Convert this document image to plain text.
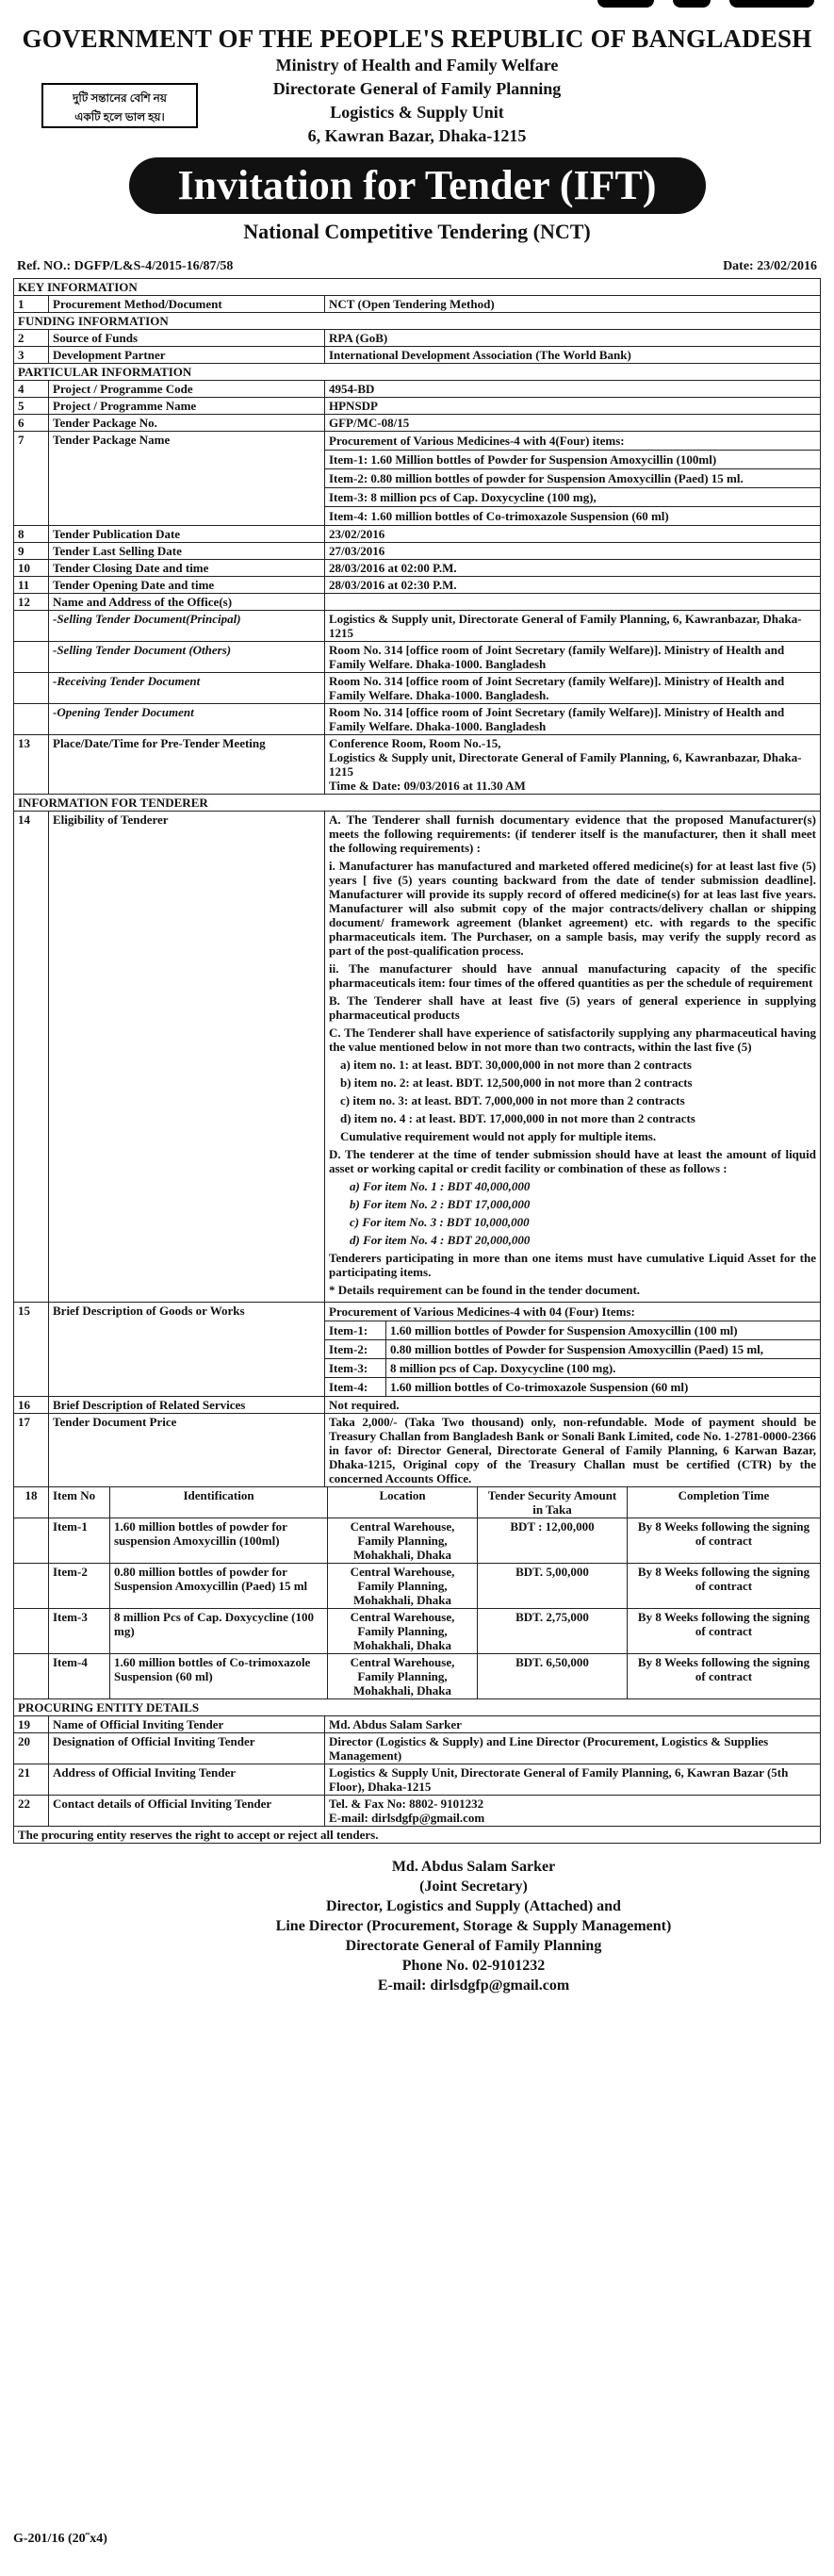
GOVERNMENT OF THE PEOPLE'S REPUBLIC OF BANGLADESH
Ministry of Health and Family Welfare
Directorate General of Family Planning
Logistics & Supply Unit
6, Kawran Bazar, Dhaka-1215
দুটি সন্তানের বেশি নয়
একটি হলে ভাল হয়।
Invitation for Tender (IFT)
National Competitive Tendering (NCT)
Ref. NO.: DGFP/L&S-4/2015-16/87/58	Date: 23/02/2016
KEY INFORMATION
1	Procurement Method/Document	NCT (Open Tendering Method)
FUNDING INFORMATION
2	Source of Funds	RPA (GoB)
3	Development Partner	International Development Association (The World Bank)
PARTICULAR INFORMATION
4	Project / Programme Code	4954-BD
5	Project / Programme Name	HPNSDP
6	Tender Package No.	GFP/MC-08/15
7	Tender Package Name		Procurement of Various Medicines-4 with 4(Four) items:
Item-1: 1.60 Million bottles of Powder for Suspension Amoxycillin (100ml)
Item-2: 0.80 million bottles of powder for Suspension Amoxycillin (Paed) 15 ml.
Item-3: 8 million pcs of Cap. Doxycycline (100 mg),
Item-4: 1.60 million bottles of Co-trimoxazole Suspension (60 ml)

8	Tender Publication Date	23/02/2016
9	Tender Last Selling Date	27/03/2016
10	Tender Closing Date and time	28/03/2016 at 02:00 P.M.
11	Tender Opening Date and time	28/03/2016 at 02:30 P.M.
12	Name and Address of the Office(s)	
	-Selling Tender Document(Principal)	Logistics & Supply unit, Directorate General of Family Planning, 6, Kawranbazar, Dhaka-1215
	-Selling Tender Document (Others)	Room No. 314 [office room of Joint Secretary (family Welfare)]. Ministry of Health and Family Welfare. Dhaka-1000. Bangladesh
	-Receiving Tender Document	Room No. 314 [office room of Joint Secretary (family Welfare)]. Ministry of Health and Family Welfare. Dhaka-1000. Bangladesh.
	-Opening Tender Document	Room No. 314 [office room of Joint Secretary (family Welfare)]. Ministry of Health and Family Welfare. Dhaka-1000. Bangladesh
13	Place/Date/Time for Pre-Tender Meeting	Conference Room, Room No.-15,
Logistics & Supply unit, Directorate General of Family Planning, 6, Kawranbazar, Dhaka-1215
Time & Date: 09/03/2016 at 11.30 AM
INFORMATION FOR TENDERER
14	Eligibility of Tenderer	A. The Tenderer shall furnish documentary evidence that the proposed Manufacturer(s) meets the following requirements: (if tenderer itself is the manufacturer, then it shall meet the following requirements) :

i. Manufacturer has manufactured and marketed offered medicine(s) for at least last five (5) years [ five (5) years counting backward from the date of tender submission deadline]. Manufacturer will provide its supply record of offered medicine(s) for at leas last five years. Manufacturer will also submit copy of the major contracts/delivery challan or shipping document/ framework agreement (blanket agreement) etc. with regards to the specific pharmaceuticals item. The Purchaser, on a sample basis, may verify the supply record as part of the post-qualification process.

ii. The manufacturer should have annual manufacturing capacity of the specific pharmaceuticals item: four times of the offered quantities as per the schedule of requirement

B. The Tenderer shall have at least five (5) years of general experience in supplying pharmaceutical products

C. The Tenderer shall have experience of satisfactorily supplying any pharmaceutical having the value mentioned below in not more than two contracts, within the last five (5)

a) item no. 1: at least. BDT. 30,000,000 in not more than 2 contracts

b) item no. 2: at least. BDT. 12,500,000 in not more than 2 contracts

c) item no. 3: at least. BDT. 7,000,000 in not more than 2 contracts

d) item no. 4 : at least. BDT. 17,000,000 in not more than 2 contracts

Cumulative requirement would not apply for multiple items.

D. The tenderer at the time of tender submission should have at least the amount of liquid asset or working capital or credit facility or combination of these as follows :

a) For item No. 1 : BDT 40,000,000

b) For item No. 2 : BDT 17,000,000

c) For item No. 3 : BDT 10,000,000

d) For item No. 4 : BDT 20,000,000

Tenderers participating in more than one items must have cumulative Liquid Asset for the participating items.

* Details requirement can be found in the tender document.

15	Brief Description of Goods or Works		Procurement of Various Medicines-4 with 04 (Four) Items:
Item-1:	1.60 million bottles of Powder for Suspension Amoxycillin (100 ml)
Item-2:	0.80 million bottles of Powder for Suspension Amoxycillin (Paed) 15 ml,
Item-3:	8 million pcs of Cap. Doxycycline (100 mg).
Item-4:	1.60 million bottles of Co-trimoxazole Suspension (60 ml)

16	Brief Description of Related Services	Not required.
17	Tender Document Price	Taka 2,000/- (Taka Two thousand) only, non-refundable. Mode of payment should be Treasury Challan from Bangladesh Bank or Sonali Bank Limited, code No. 1-2781-0000-2366 in favor of: Director General, Directorate General of Family Planning, 6 Karwan Bazar, Dhaka-1215, Original copy of the Treasury Challan must be certified (CTR) by the concerned Accounts Office.
18	Item No	Identification	Location	Tender Security Amount in Taka	Completion Time
	Item-1	1.60 million bottles of powder for suspension Amoxycillin (100ml)	Central Warehouse, Family Planning, Mohakhali, Dhaka	BDT : 12,00,000	By 8 Weeks following the signing of contract
	Item-2	0.80 million bottles of powder for Suspension Amoxycillin (Paed) 15 ml	Central Warehouse, Family Planning, Mohakhali, Dhaka	BDT. 5,00,000	By 8 Weeks following the signing of contract
	Item-3	8 million Pcs of Cap. Doxycycline (100 mg)	Central Warehouse, Family Planning, Mohakhali, Dhaka	BDT. 2,75,000	By 8 Weeks following the signing of contract
	Item-4	1.60 million bottles of Co-trimoxazole Suspension (60 ml)	Central Warehouse, Family Planning, Mohakhali, Dhaka	BDT. 6,50,000	By 8 Weeks following the signing of contract
PROCURING ENTITY DETAILS		
19	Name of Official Inviting Tender	Md. Abdus Salam Sarker
20	Designation of Official Inviting Tender	Director (Logistics & Supply) and Line Director (Procurement, Logistics & Supplies Management)
21	Address of Official Inviting Tender	Logistics & Supply Unit, Directorate General of Family Planning, 6, Kawran Bazar (5th Floor), Dhaka-1215
22	Contact details of Official Inviting Tender	Tel. & Fax No: 8802- 9101232
E-mail: dirlsdgfp@gmail.com

The procuring entity reserves the right to accept or reject all tenders.		
Md. Abdus Salam Sarker
(Joint Secretary)
Director, Logistics and Supply (Attached) and
Line Director (Procurement, Storage & Supply Management)
Directorate General of Family Planning
Phone No. 02-9101232
E-mail: dirlsdgfp@gmail.com
G-201/16 (20˝x4)
